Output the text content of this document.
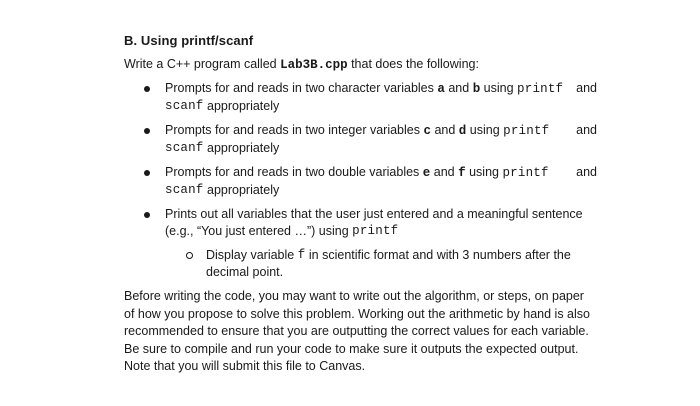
B. Using printf/scanf
Write a C++ program called Lab3B.cpp that does the following:
Prompts for and reads in two character variables a and b using printf and
scanf appropriately
Prompts for and reads in two integer variables c and d using printf and
scanf appropriately
Prompts for and reads in two double variables e and f using printf and
scanf appropriately
Prints out all variables that the user just entered and a meaningful sentence
(e.g., “You just entered …”) using printf
Display variable f in scientific format and with 3 numbers after the
decimal point.
Before writing the code, you may want to write out the algorithm, or steps, on paper
of how you propose to solve this problem. Working out the arithmetic by hand is also
recommended to ensure that you are outputting the correct values for each variable.
Be sure to compile and run your code to make sure it outputs the expected output.
Note that you will submit this file to Canvas.
